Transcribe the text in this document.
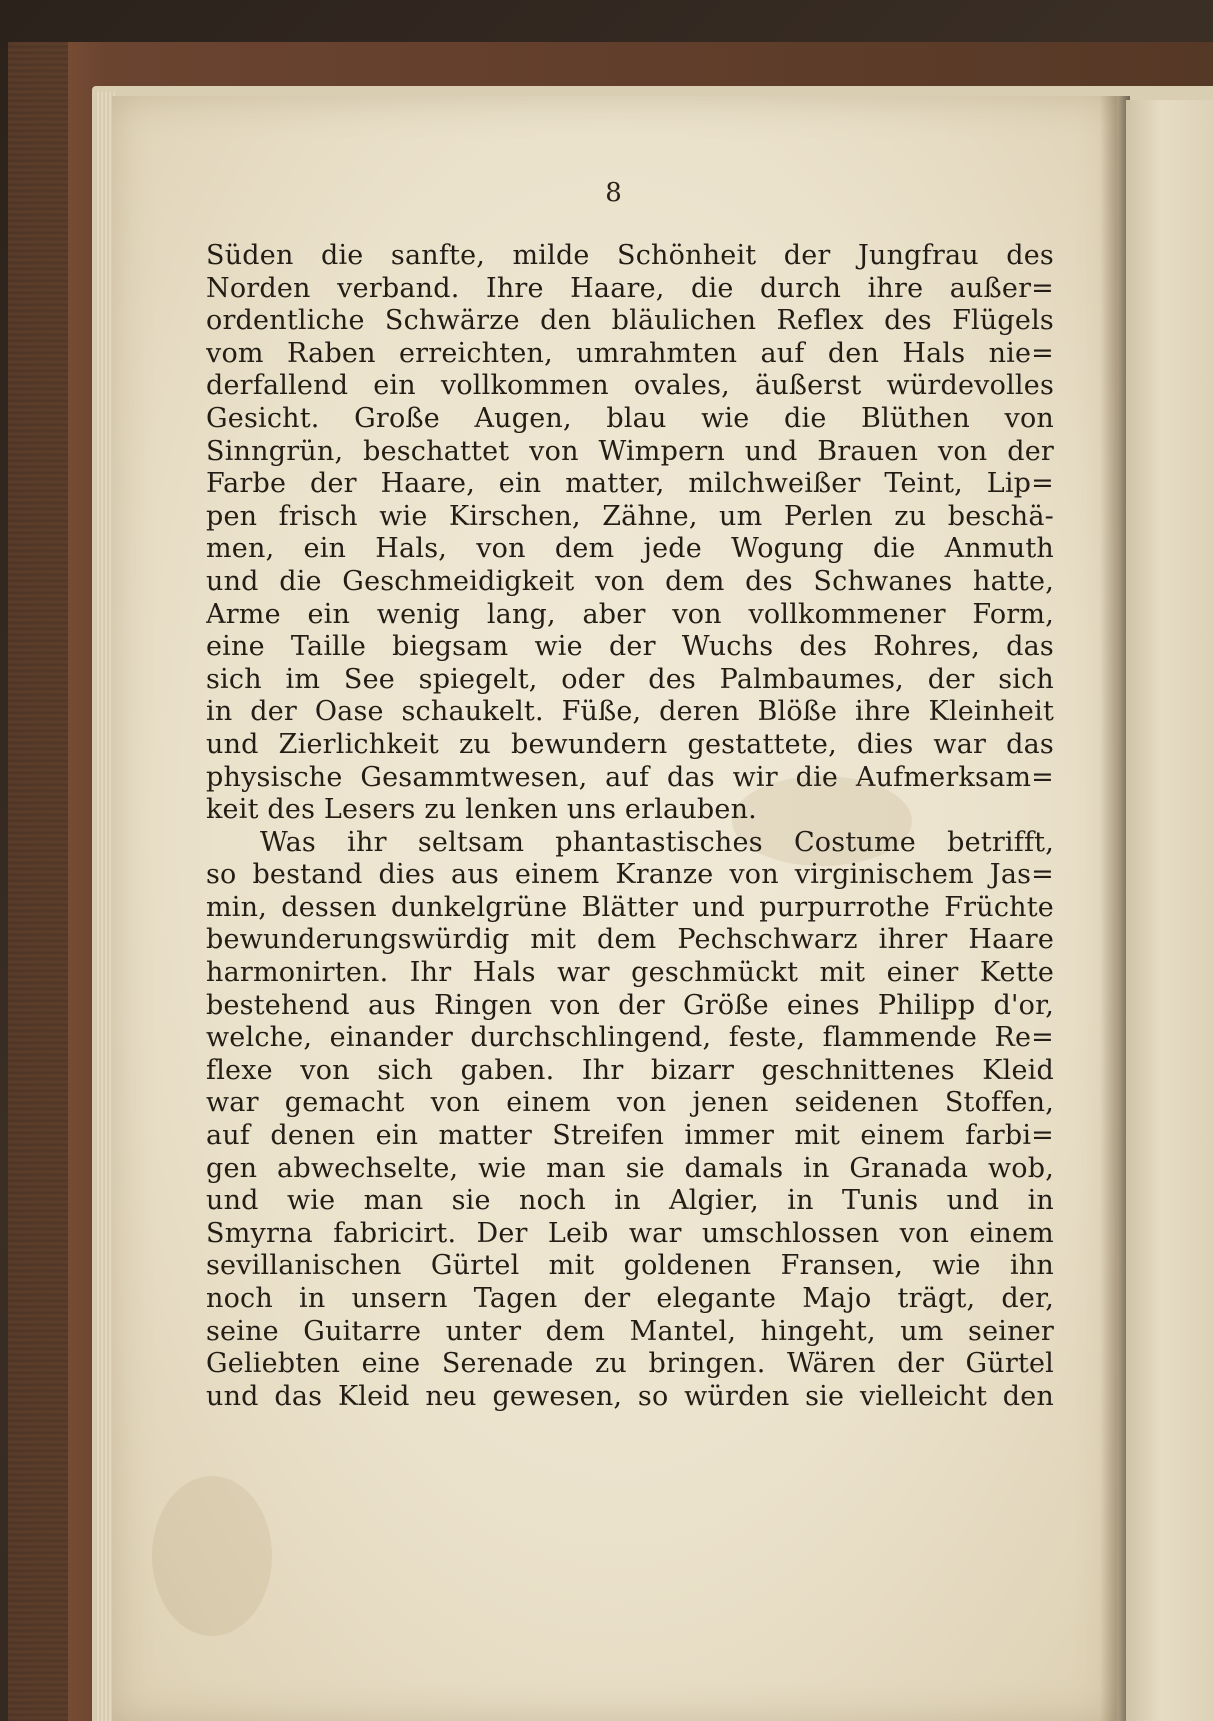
8
Süden die sanfte, milde Schönheit der Jungfrau des
Norden verband. Ihre Haare, die durch ihre außer=
ordentliche Schwärze den bläulichen Reflex des Flügels
vom Raben erreichten, umrahmten auf den Hals nie=
derfallend ein vollkommen ovales, äußerst würdevolles
Gesicht. Große Augen, blau wie die Blüthen von
Sinngrün, beschattet von Wimpern und Brauen von der
Farbe der Haare, ein matter, milchweißer Teint, Lip=
pen frisch wie Kirschen, Zähne, um Perlen zu beschä-
men, ein Hals, von dem jede Wogung die Anmuth
und die Geschmeidigkeit von dem des Schwanes hatte,
Arme ein wenig lang, aber von vollkommener Form,
eine Taille biegsam wie der Wuchs des Rohres, das
sich im See spiegelt, oder des Palmbaumes, der sich
in der Oase schaukelt. Füße, deren Blöße ihre Kleinheit
und Zierlichkeit zu bewundern gestattete, dies war das
physische Gesammtwesen, auf das wir die Aufmerksam=
keit des Lesers zu lenken uns erlauben.
Was ihr seltsam phantastisches Costume betrifft,
so bestand dies aus einem Kranze von virginischem Jas=
min, dessen dunkelgrüne Blätter und purpurrothe Früchte
bewunderungswürdig mit dem Pechschwarz ihrer Haare
harmonirten. Ihr Hals war geschmückt mit einer Kette
bestehend aus Ringen von der Größe eines Philipp d'or,
welche, einander durchschlingend, feste, flammende Re=
flexe von sich gaben. Ihr bizarr geschnittenes Kleid
war gemacht von einem von jenen seidenen Stoffen,
auf denen ein matter Streifen immer mit einem farbi=
gen abwechselte, wie man sie damals in Granada wob,
und wie man sie noch in Algier, in Tunis und in
Smyrna fabricirt. Der Leib war umschlossen von einem
sevillanischen Gürtel mit goldenen Fransen, wie ihn
noch in unsern Tagen der elegante Majo trägt, der,
seine Guitarre unter dem Mantel, hingeht, um seiner
Geliebten eine Serenade zu bringen. Wären der Gürtel
und das Kleid neu gewesen, so würden sie vielleicht den
